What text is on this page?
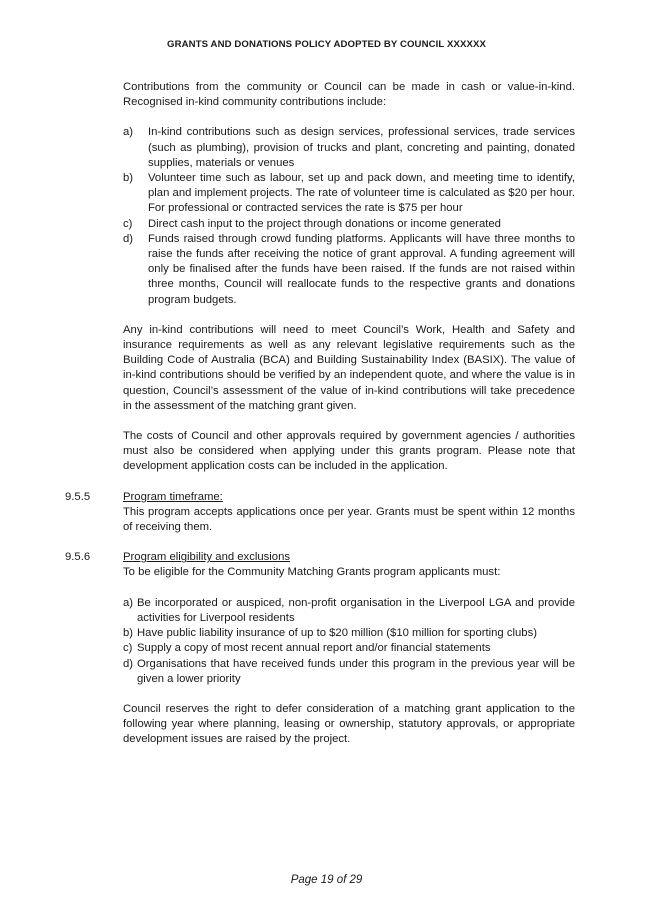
GRANTS AND DONATIONS POLICY ADOPTED BY COUNCIL XXXXXX

Contributions from the community or Council can be made in cash or value-in-kind. Recognised in-kind community contributions include:

a) In-kind contributions such as design services, professional services, trade services (such as plumbing), provision of trucks and plant, concreting and painting, donated supplies, materials or venues
b) Volunteer time such as labour, set up and pack down, and meeting time to identify, plan and implement projects. The rate of volunteer time is calculated as $20 per hour. For professional or contracted services the rate is $75 per hour
c) Direct cash input to the project through donations or income generated
d) Funds raised through crowd funding platforms. Applicants will have three months to raise the funds after receiving the notice of grant approval. A funding agreement will only be finalised after the funds have been raised. If the funds are not raised within three months, Council will reallocate funds to the respective grants and donations program budgets.

Any in-kind contributions will need to meet Council’s Work, Health and Safety and insurance requirements as well as any relevant legislative requirements such as the Building Code of Australia (BCA) and Building Sustainability Index (BASIX). The value of in-kind contributions should be verified by an independent quote, and where the value is in question, Council’s assessment of the value of in-kind contributions will take precedence in the assessment of the matching grant given.

The costs of Council and other approvals required by government agencies / authorities must also be considered when applying under this grants program. Please note that development application costs can be included in the application.

9.5.5	Program timeframe:

This program accepts applications once per year. Grants must be spent within 12 months of receiving them.

9.5.6	Program eligibility and exclusions

To be eligible for the Community Matching Grants program applicants must:

a) Be incorporated or auspiced, non-profit organisation in the Liverpool LGA and provide activities for Liverpool residents
b) Have public liability insurance of up to $20 million ($10 million for sporting clubs)
c) Supply a copy of most recent annual report and/or financial statements
d) Organisations that have received funds under this program in the previous year will be given a lower priority

Council reserves the right to defer consideration of a matching grant application to the following year where planning, leasing or ownership, statutory approvals, or appropriate development issues are raised by the project.

Page 19 of 29
